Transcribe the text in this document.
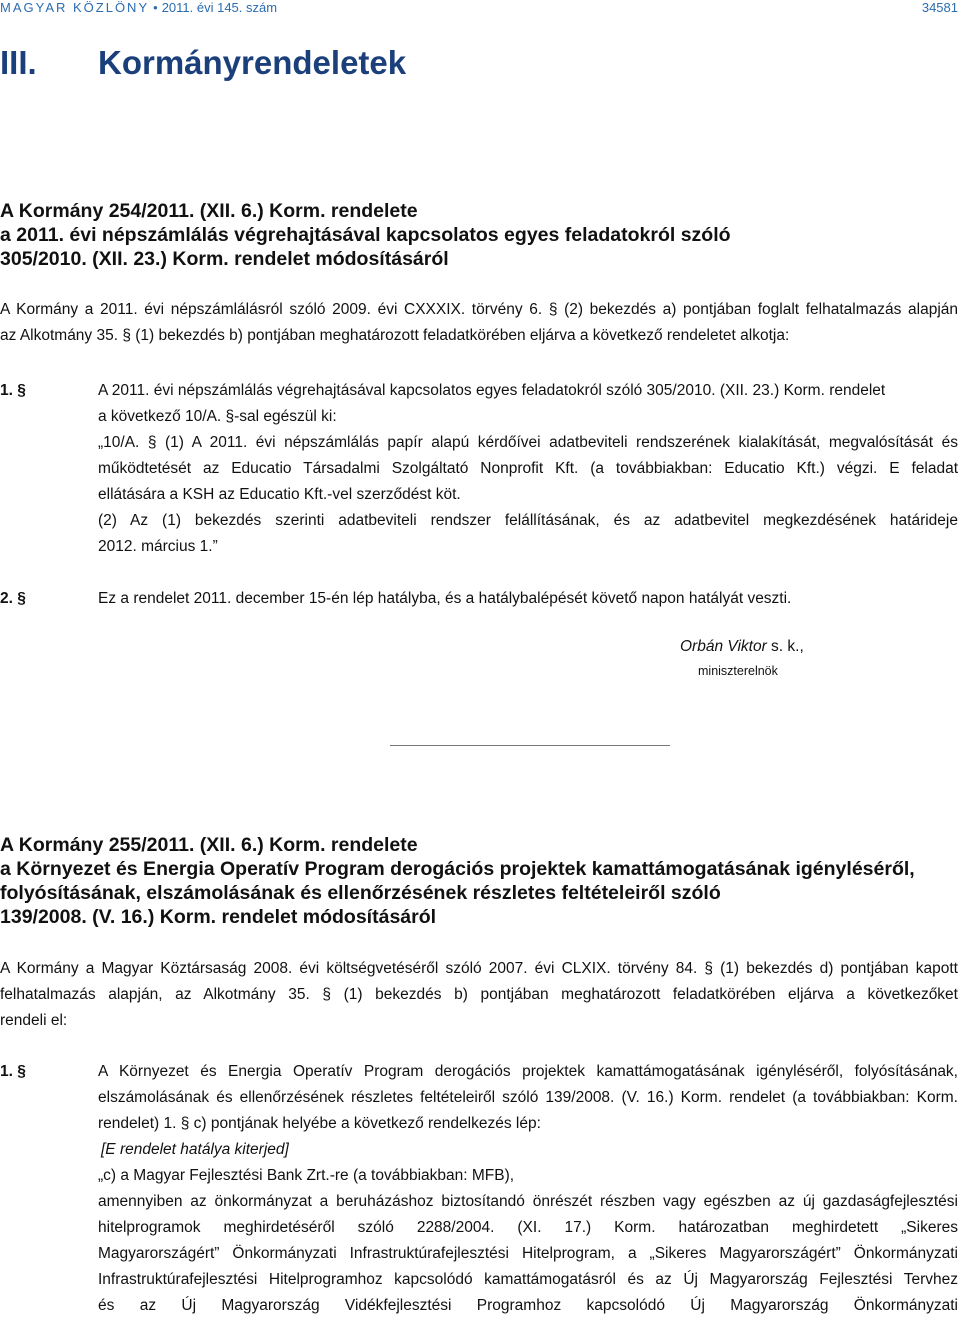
MAGYAR KÖZLÖNY • 2011. évi 145. szám	34581
III. Kormányrendeletek
A Kormány 254/2011. (XII. 6.) Korm. rendelete
a 2011. évi népszámlálás végrehajtásával kapcsolatos egyes feladatokról szóló
305/2010. (XII. 23.) Korm. rendelet módosításáról
A Kormány a 2011. évi népszámlálásról szóló 2009. évi CXXXIX. törvény 6. § (2) bekezdés a) pontjában foglalt felhatalmazás alapján
az Alkotmány 35. § (1) bekezdés b) pontjában meghatározott feladatkörében eljárva a következő rendeletet alkotja:
1. §	A 2011. évi népszámlálás végrehajtásával kapcsolatos egyes feladatokról szóló 305/2010. (XII. 23.) Korm. rendelet
a következő 10/A. §-sal egészül ki:
„10/A. § (1) A 2011. évi népszámlálás papír alapú kérdőívei adatbeviteli rendszerének kialakítását, megvalósítását és
működtetését az Educatio Társadalmi Szolgáltató Nonprofit Kft. (a továbbiakban: Educatio Kft.) végzi. E feladat
ellátására a KSH az Educatio Kft.-vel szerződést köt.
(2) Az (1) bekezdés szerinti adatbeviteli rendszer felállításának, és az adatbevitel megkezdésének határideje
2012. március 1.”
2. §	Ez a rendelet 2011. december 15-én lép hatályba, és a hatálybalépését követő napon hatályát veszti.
Orbán Viktor s. k.,
miniszterelnök
A Kormány 255/2011. (XII. 6.) Korm. rendelete
a Környezet és Energia Operatív Program derogációs projektek kamattámogatásának igényléséről,
folyósításának, elszámolásának és ellenőrzésének részletes feltételeiről szóló
139/2008. (V. 16.) Korm. rendelet módosításáról
A Kormány a Magyar Köztársaság 2008. évi költségvetéséről szóló 2007. évi CLXIX. törvény 84. § (1) bekezdés d) pontjában kapott
felhatalmazás alapján, az Alkotmány 35. § (1) bekezdés b) pontjában meghatározott feladatkörében eljárva a következőket
rendeli el:
1. §	A Környezet és Energia Operatív Program derogációs projektek kamattámogatásának igényléséről, folyósításának,
elszámolásának és ellenőrzésének részletes feltételeiről szóló 139/2008. (V. 16.) Korm. rendelet (a továbbiakban: Korm.
rendelet) 1. § c) pontjának helyébe a következő rendelkezés lép:
[E rendelet hatálya kiterjed]
„c) a Magyar Fejlesztési Bank Zrt.-re (a továbbiakban: MFB),
amennyiben az önkormányzat a beruházáshoz biztosítandó önrészét részben vagy egészben az új gazdaságfejlesztési
hitelprogramok meghirdetéséről szóló 2288/2004. (XI. 17.) Korm. határozatban meghirdetett „Sikeres
Magyarországért” Önkormányzati Infrastruktúrafejlesztési Hitelprogram, a „Sikeres Magyarországért” Önkormányzati
Infrastruktúrafejlesztési Hitelprogramhoz kapcsolódó kamattámogatásról és az Új Magyarország Fejlesztési Tervhez
és az Új Magyarország Vidékfejlesztési Programhoz kapcsolódó Új Magyarország Önkormányzati
